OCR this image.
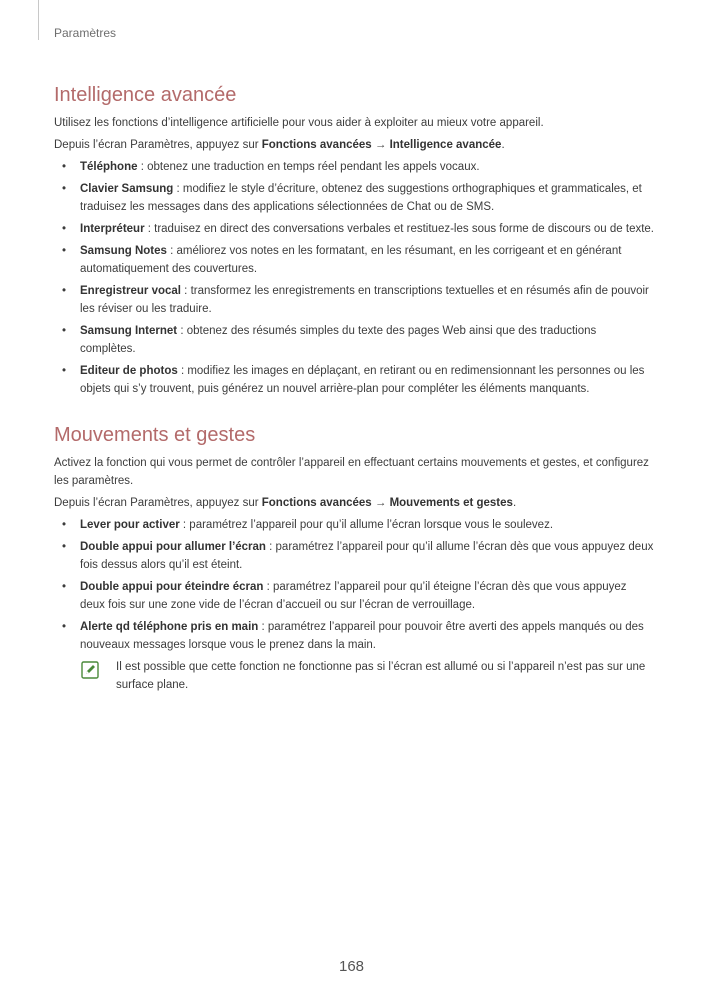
Paramètres
Intelligence avancée

Utilisez les fonctions d’intelligence artificielle pour vous aider à exploiter au mieux votre appareil.

Depuis l’écran Paramètres, appuyez sur Fonctions avancées → Intelligence avancée.

• Téléphone : obtenez une traduction en temps réel pendant les appels vocaux.
• Clavier Samsung : modifiez le style d’écriture, obtenez des suggestions orthographiques et grammaticales, et traduisez les messages dans des applications sélectionnées de Chat ou de SMS.
• Interpréteur : traduisez en direct des conversations verbales et restituez-les sous forme de discours ou de texte.
• Samsung Notes : améliorez vos notes en les formatant, en les résumant, en les corrigeant et en générant automatiquement des couvertures.
• Enregistreur vocal : transformez les enregistrements en transcriptions textuelles et en résumés afin de pouvoir les réviser ou les traduire.
• Samsung Internet : obtenez des résumés simples du texte des pages Web ainsi que des traductions complètes.
• Editeur de photos : modifiez les images en déplaçant, en retirant ou en redimensionnant les personnes ou les objets qui s’y trouvent, puis générez un nouvel arrière-plan pour compléter les éléments manquants.
Mouvements et gestes

Activez la fonction qui vous permet de contrôler l’appareil en effectuant certains mouvements et gestes, et configurez les paramètres.

Depuis l’écran Paramètres, appuyez sur Fonctions avancées → Mouvements et gestes.

• Lever pour activer : paramétrez l’appareil pour qu’il allume l’écran lorsque vous le soulevez.
• Double appui pour allumer l’écran : paramétrez l’appareil pour qu’il allume l’écran dès que vous appuyez deux fois dessus alors qu’il est éteint.
• Double appui pour éteindre écran : paramétrez l’appareil pour qu’il éteigne l’écran dès que vous appuyez deux fois sur une zone vide de l’écran d’accueil ou sur l’écran de verrouillage.
• Alerte qd téléphone pris en main : paramétrez l’appareil pour pouvoir être averti des appels manqués ou des nouveaux messages lorsque vous le prenez dans la main.
Il est possible que cette fonction ne fonctionne pas si l’écran est allumé ou si l’appareil n’est pas sur une surface plane.
168
